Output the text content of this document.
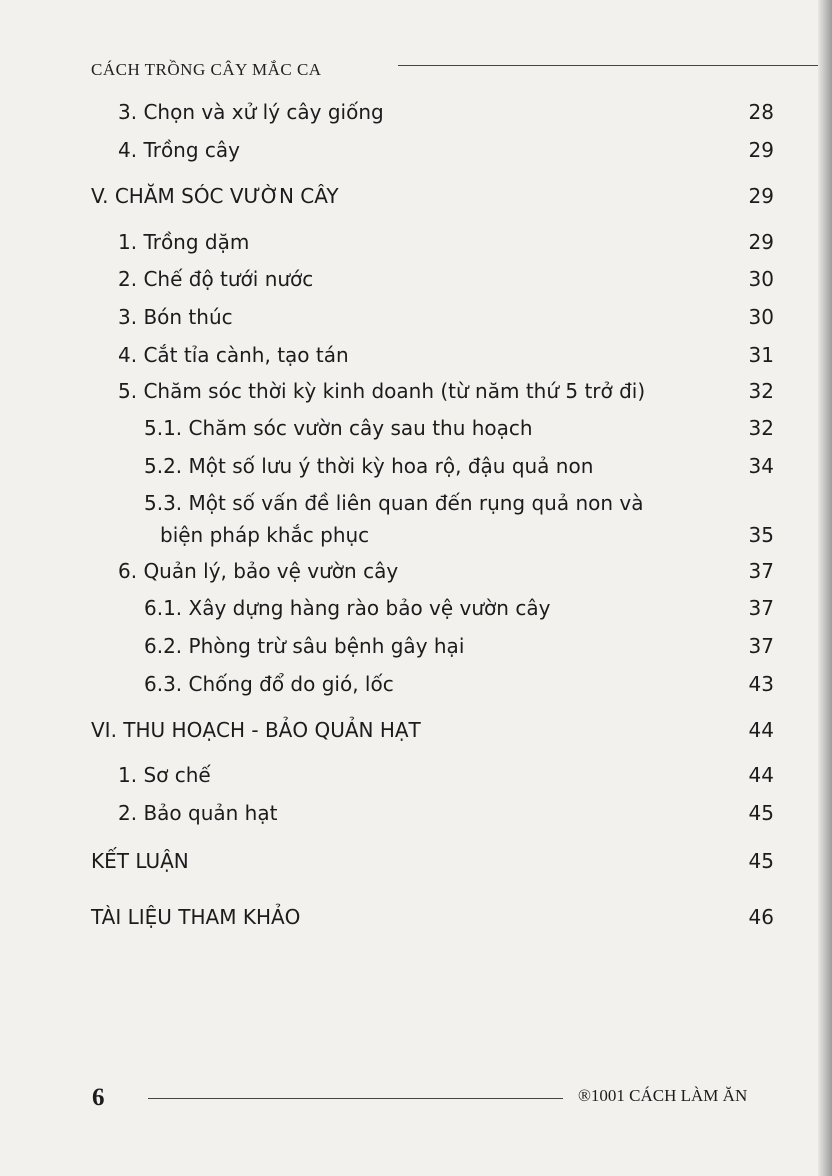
CÁCH TRỒNG CÂY MẮC CA
3. Chọn và xử lý cây giống	28
4. Trồng cây	29
V. CHĂM SÓC VƯỜN CÂY	29
1. Trồng dặm	29
2. Chế độ tưới nước	30
3. Bón thúc	30
4. Cắt tỉa cành, tạo tán	31
5. Chăm sóc thời kỳ kinh doanh (từ năm thứ 5 trở đi)	32
5.1. Chăm sóc vườn cây sau thu hoạch	32
5.2. Một số lưu ý thời kỳ hoa rộ, đậu quả non	34
5.3. Một số vấn đề liên quan đến rụng quả non và
biện pháp khắc phục	35
6. Quản lý, bảo vệ vườn cây	37
6.1. Xây dựng hàng rào bảo vệ vườn cây	37
6.2. Phòng trừ sâu bệnh gây hại	37
6.3. Chống đổ do gió, lốc	43
VI. THU HOẠCH - BẢO QUẢN HẠT	44
1. Sơ chế	44
2. Bảo quản hạt	45
KẾT LUẬN	45
TÀI LIỆU THAM KHẢO	46
6	®1001 CÁCH LÀM ĂN
